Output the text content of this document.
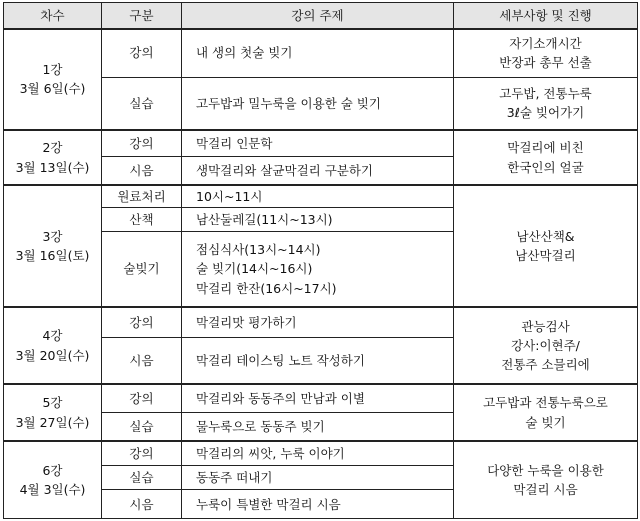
차수	구분	강의 주제	세부사항 및 진행

1강
3월 6일(수)	강의	내 생의 첫술 빚기	자기소개시간
반장과 총무 선출

	실습	고두밥과 밀누룩을 이용한 술 빚기	고두밥, 전통누룩
3ℓ술 빚어가기

2강
3월 13일(수)	강의	막걸리 인문학	막걸리에 비친
한국인의 얼굴

	시음	생막걸리와 살균막걸리 구분하기	

3강
3월 16일(토)	원료처리	10시~11시	남산산책&
남산막걸리

	산책	남산둘레길(11시~13시)	

	술빚기	점심식사(13시~14시)
술 빚기(14시~16시)
막걸리 한잔(16시~17시)	

4강
3월 20일(수)	강의	막걸리맛 평가하기	관능검사
강사:이현주/
전통주 소믈리에

	시음	막걸리 테이스팅 노트 작성하기	

5강
3월 27일(수)	강의	막걸리와 동동주의 만남과 이별	고두밥과 전통누룩으로
술 빚기

	실습	물누룩으로 동동주 빚기	

6강
4월 3일(수)	강의	막걸리의 씨앗, 누룩 이야기	다양한 누룩을 이용한
막걸리 시음

	실습	동동주 떠내기	

	시음	누룩이 특별한 막걸리 시음	
